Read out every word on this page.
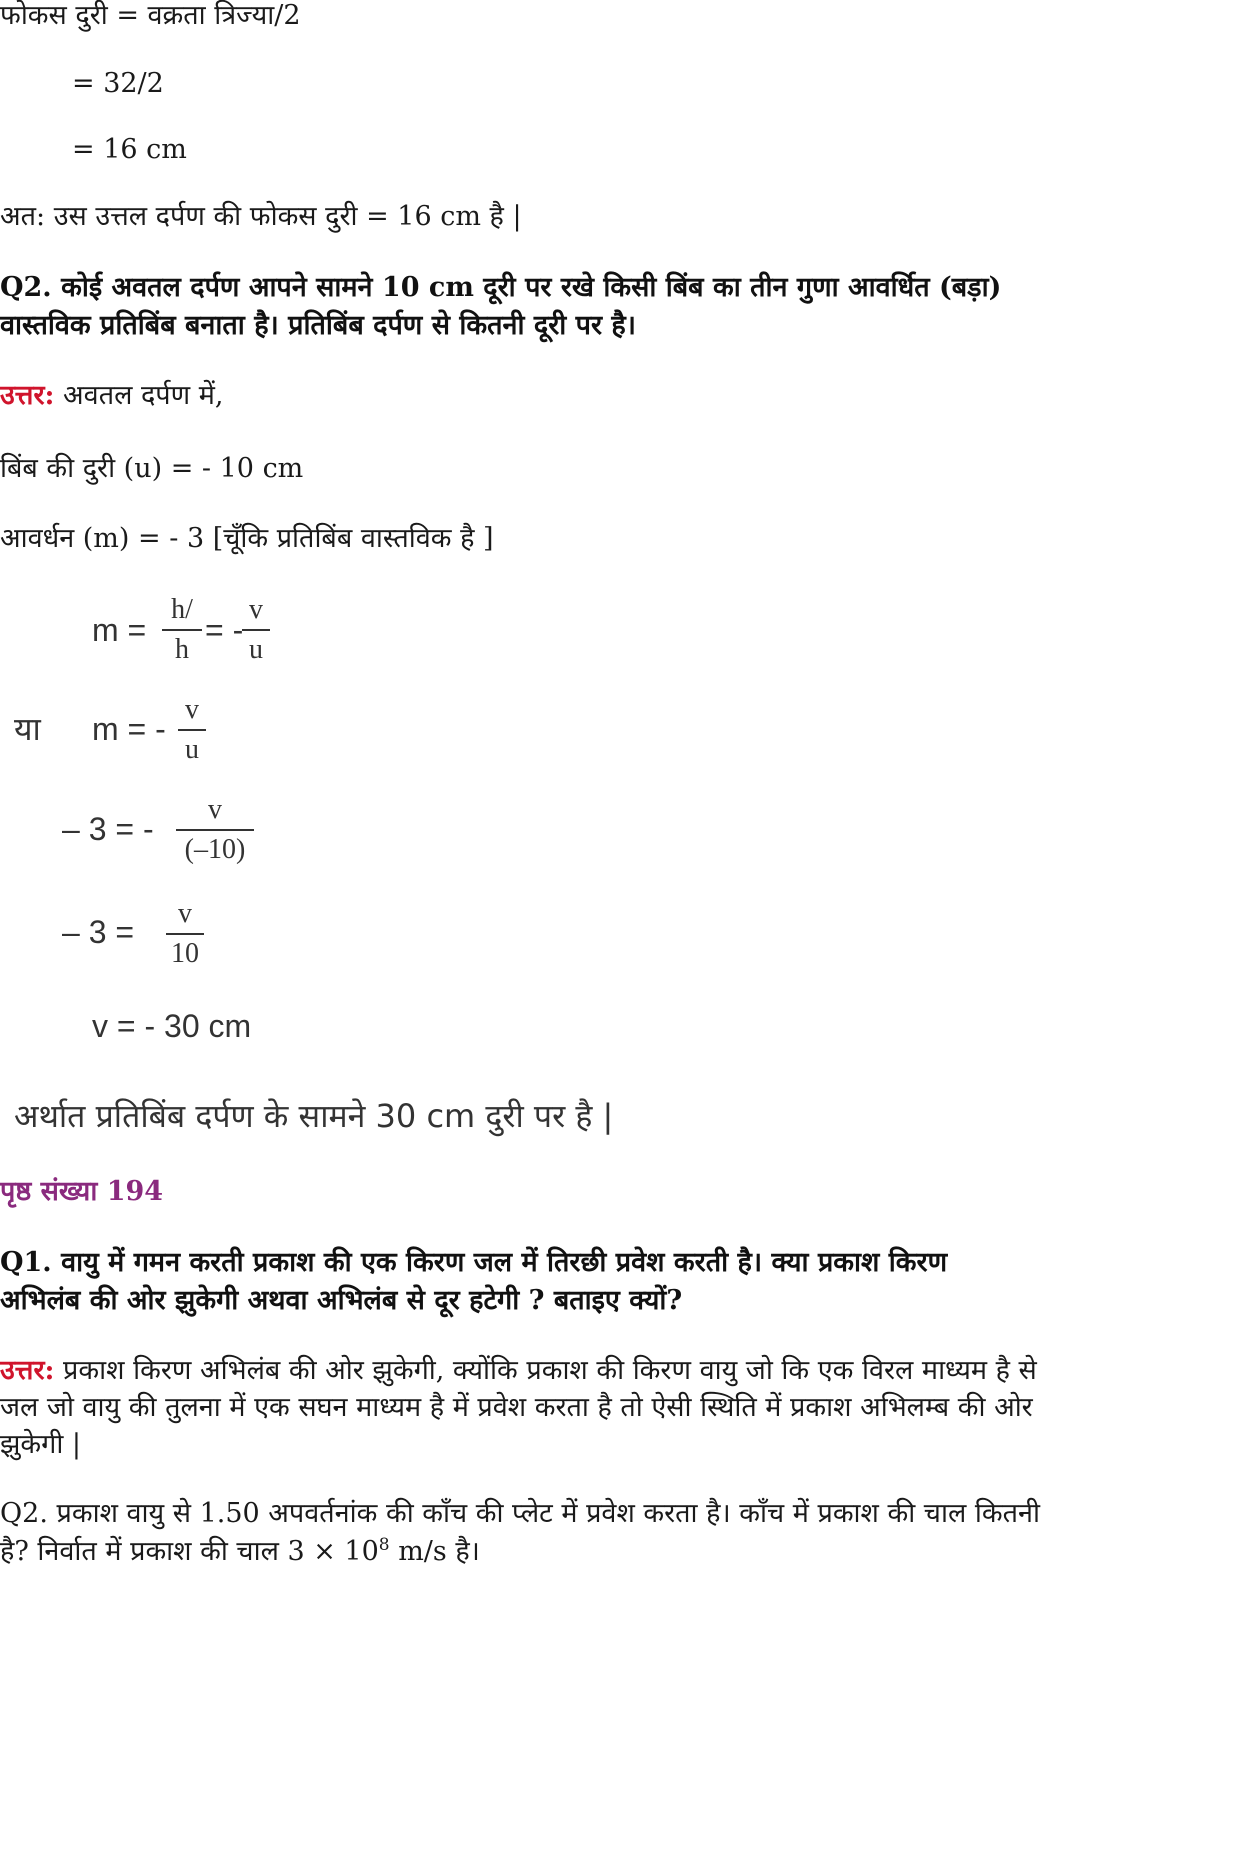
फोकस दुरी = वक्रता त्रिज्या/2
= 32/2
= 16 cm
अत: उस उत्तल दर्पण की फोकस दुरी = 16 cm है |
Q2. कोई अवतल दर्पण आपने सामने 10 cm दूरी पर रखे किसी बिंब का तीन गुणा आवर्धित (बड़ा)
वास्तविक प्रतिबिंब बनाता है। प्रतिबिंब दर्पण से कितनी दूरी पर है।
उत्तर: अवतल दर्पण में,
बिंब की दुरी (u) = - 10 cm
आवर्धन (m) = - 3 [चूँकि प्रतिबिंब वास्तविक है ]
m =
h/
h
= -
v
u
या m = -
v
u
– 3 = -
v
(–10)
– 3 =
v
10
v = - 30 cm
अर्थात प्रतिबिंब दर्पण के सामने 30 cm दुरी पर है |
पृष्ठ संख्या 194
Q1. वायु में गमन करती प्रकाश की एक किरण जल में तिरछी प्रवेश करती है। क्या प्रकाश किरण
अभिलंब की ओर झुकेगी अथवा अभिलंब से दूर हटेगी ? बताइए क्यों?
उत्तर: प्रकाश किरण अभिलंब की ओर झुकेगी, क्योंकि प्रकाश की किरण वायु जो कि एक विरल माध्यम है से
जल जो वायु की तुलना में एक सघन माध्यम है में प्रवेश करता है तो ऐसी स्थिति में प्रकाश अभिलम्ब की ओर
झुकेगी |
Q2. प्रकाश वायु से 1.50 अपवर्तनांक की काँच की प्लेट में प्रवेश करता है। काँच में प्रकाश की चाल कितनी
है? निर्वात में प्रकाश की चाल $3 \times 10^8$ m/s है।
